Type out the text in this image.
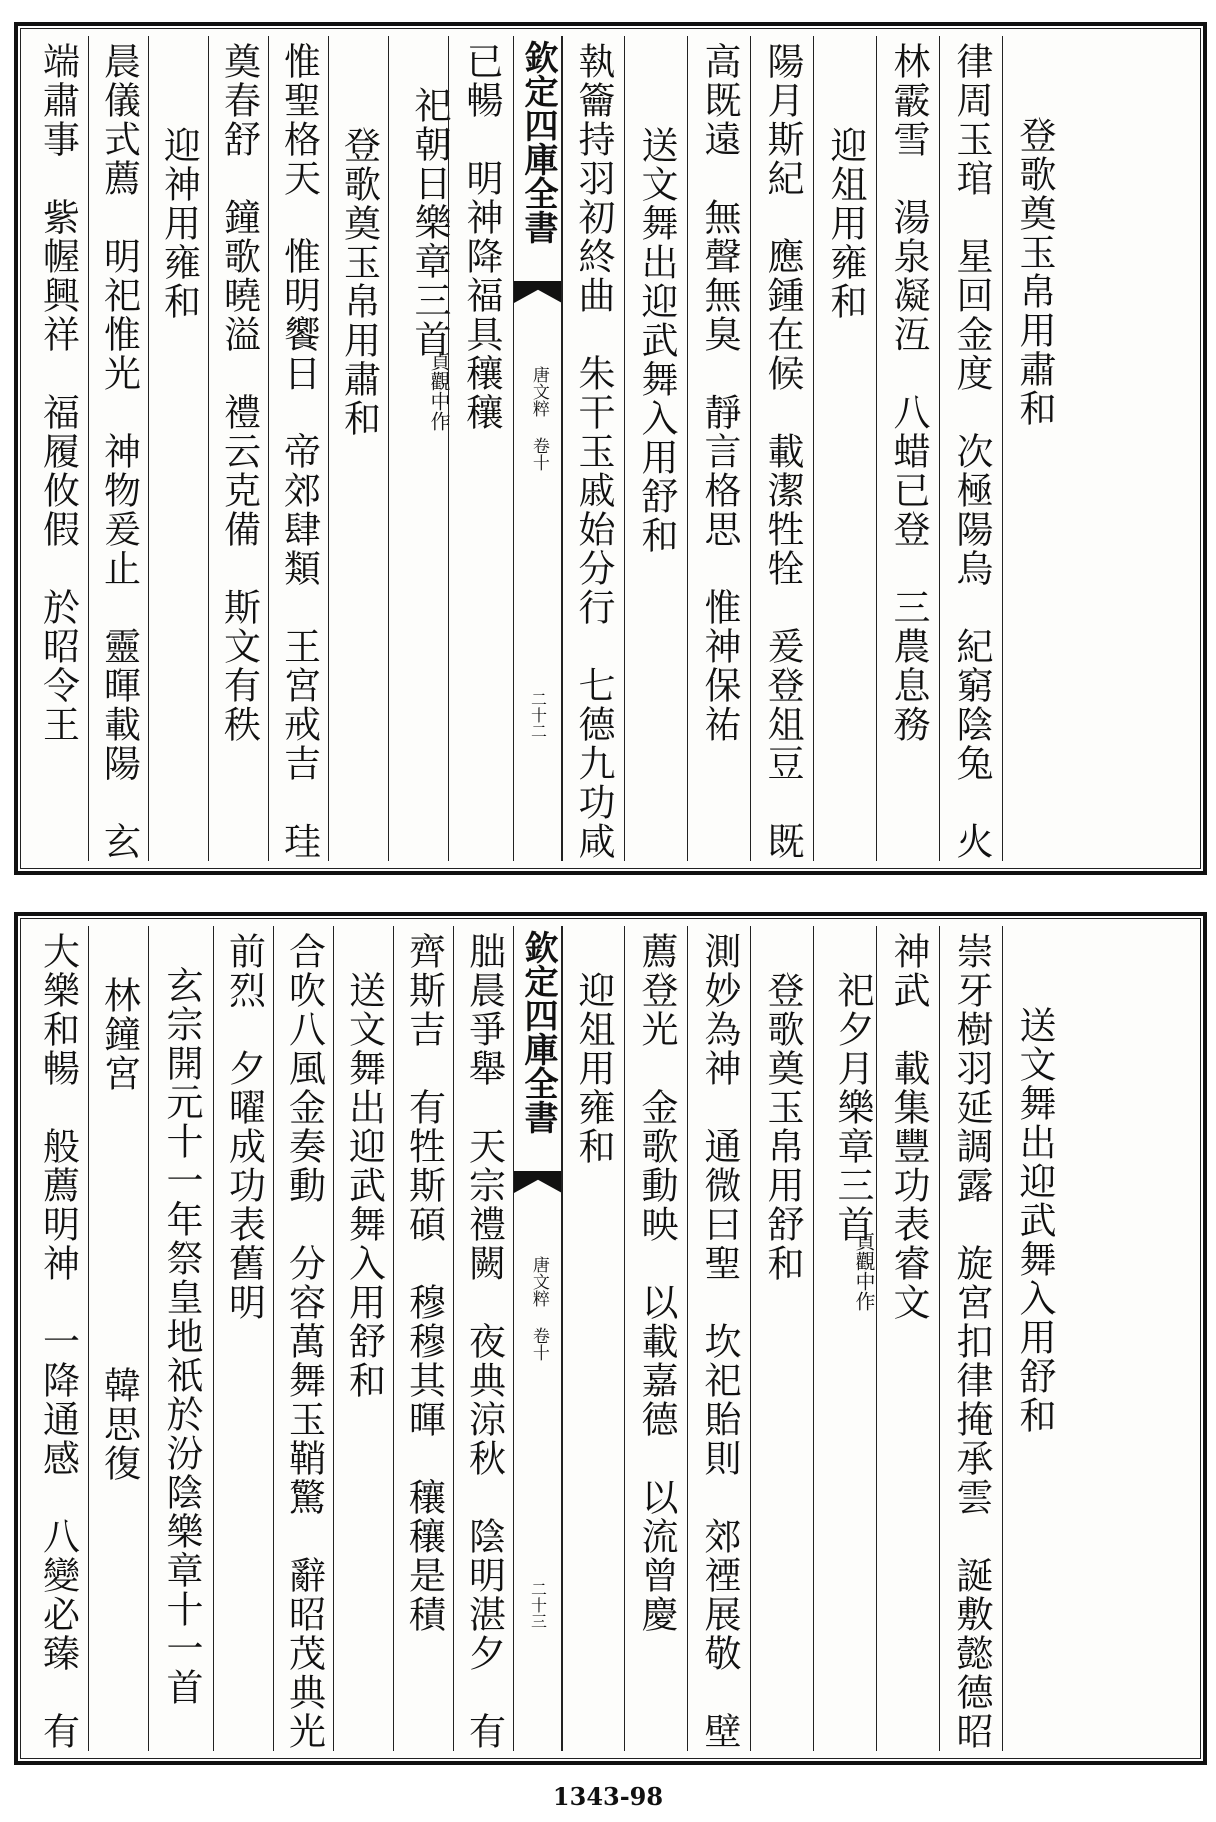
端肅事　紫幄興祥　福履攸假　於昭令王 晨儀式薦　明祀惟光　神物爰止　靈暉載陽　玄 迎神用雍和 奠春舒　鐘歌曉溢　禮云克備　斯文有秩 惟聖格天　惟明饗日　帝郊肆類　王宮戒吉　珪 登歌奠玉帛用肅和 祀朝日樂章三首
貞觀中作 已暢　明神降福具穰穰 欽定四庫全書
唐文粹 卷十
二十二 執籥持羽初終曲　朱干玉戚始分行　七德九功咸 送文舞出迎武舞入用舒和 高既遠　無聲無臭　靜言格思　惟神保祐 陽月斯紀　應鍾在候　載潔牲牷　爰登俎豆　既 迎俎用雍和 林霰雪　湯泉凝沍　八蜡已登　三農息務 律周玉琯　星回金度　次極陽烏　紀窮陰兔　火 登歌奠玉帛用肅和
大樂和暢　般薦明神　一降通感　八變必臻　有 林鐘宮　　　　　　　韓思復 玄宗開元十一年祭皇地祇於汾陰樂章十一首 前烈　夕曜成功表舊明 合吹八風金奏動　分容萬舞玉鞘驚　辭昭茂典光 送文舞出迎武舞入用舒和 齊斯吉　有牲斯碩　穆穆其暉　穰穰是積 朏晨爭舉　天宗禮闕　夜典涼秋　陰明湛夕　有 欽定四庫全書
唐文粹 卷十
二十三
迎俎用雍和 薦登光　金歌動映　以載嘉德　以流曾慶 測妙為神　通微曰聖　坎祀貽則　郊禋展敬　壁 登歌奠玉帛用舒和 祀夕月樂章三首
貞觀中作 神武　載集豐功表睿文 崇牙樹羽延調露　旋宮扣律掩承雲　誕敷懿德昭 送文舞出迎武舞入用舒和
1343-98
